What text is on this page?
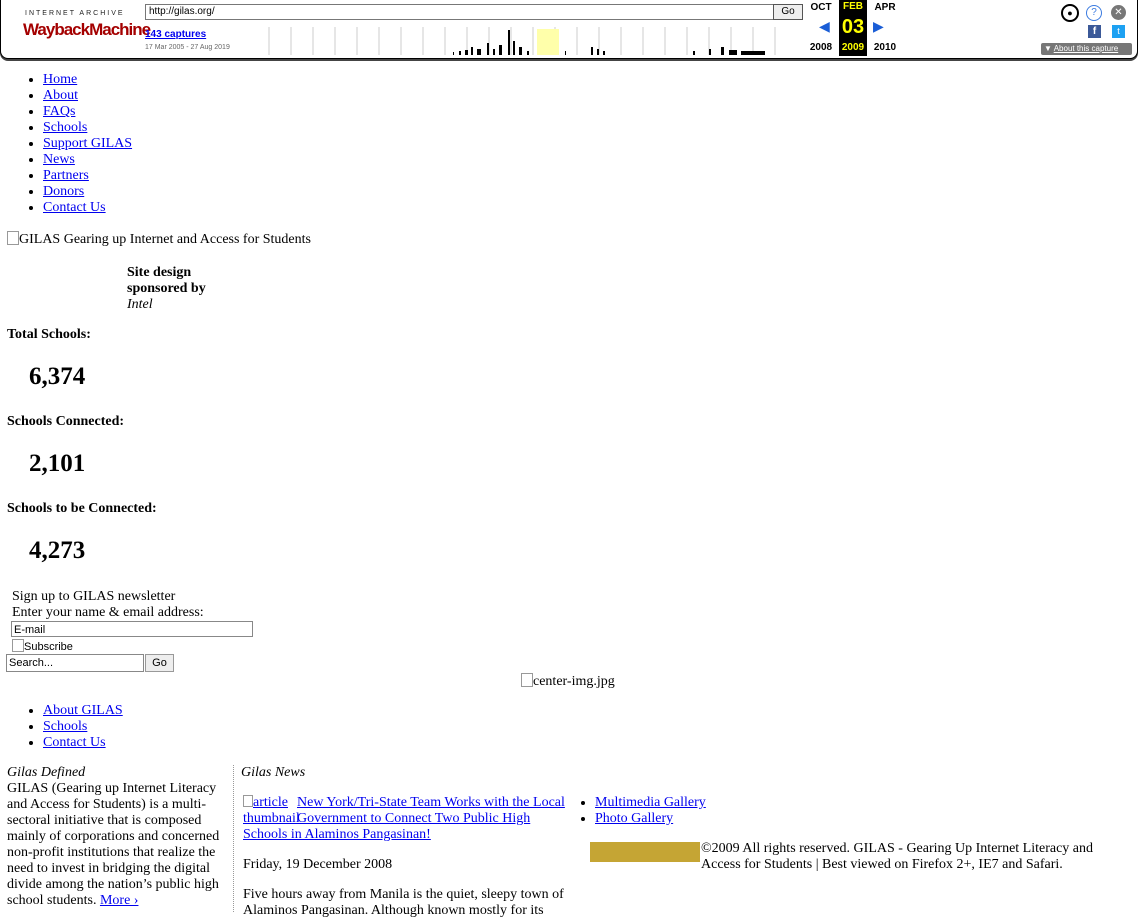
INTERNET ARCHIVE
WaybackMachine
http://gilas.org/	Go
143 captures
17 Mar 2005 - 27 Aug 2019
OCT	FEB	APR
◀ 03 ▶
2008 2009 2010
●	?	✕
f	t
▼ About this capture
• Home
• About
• FAQs
• Schools
• Support GILAS
• News
• Partners
• Donors
• Contact Us
GILAS Gearing up Internet and Access for Students
Site design
sponsored by
Intel
Total Schools:
6,374
Schools Connected:
2,101
Schools to be Connected:
4,273
Sign up to GILAS newsletter
Enter your name & email address:
E-mail
Subscribe
Search...	Go
center-img.jpg
• About GILAS
• Schools
• Contact Us
Gilas Defined
GILAS (Gearing up Internet Literacy and Access for Students) is a multi-sectoral initiative that is composed mainly of corporations and concerned non-profit institutions that realize the need to invest in bridging the digital divide among the nation’s public high school students. More ›
Gilas News
article thumbnail
New York/Tri-State Team Works with the Local Government to Connect Two Public High Schools in Alaminos Pangasinan!
Friday, 19 December 2008
Five hours away from Manila is the quiet, sleepy town of Alaminos Pangasinan. Although known mostly for its
• Multimedia Gallery
• Photo Gallery
©2009 All rights reserved. GILAS - Gearing Up Internet Literacy and Access for Students | Best viewed on Firefox 2+, IE7 and Safari.
